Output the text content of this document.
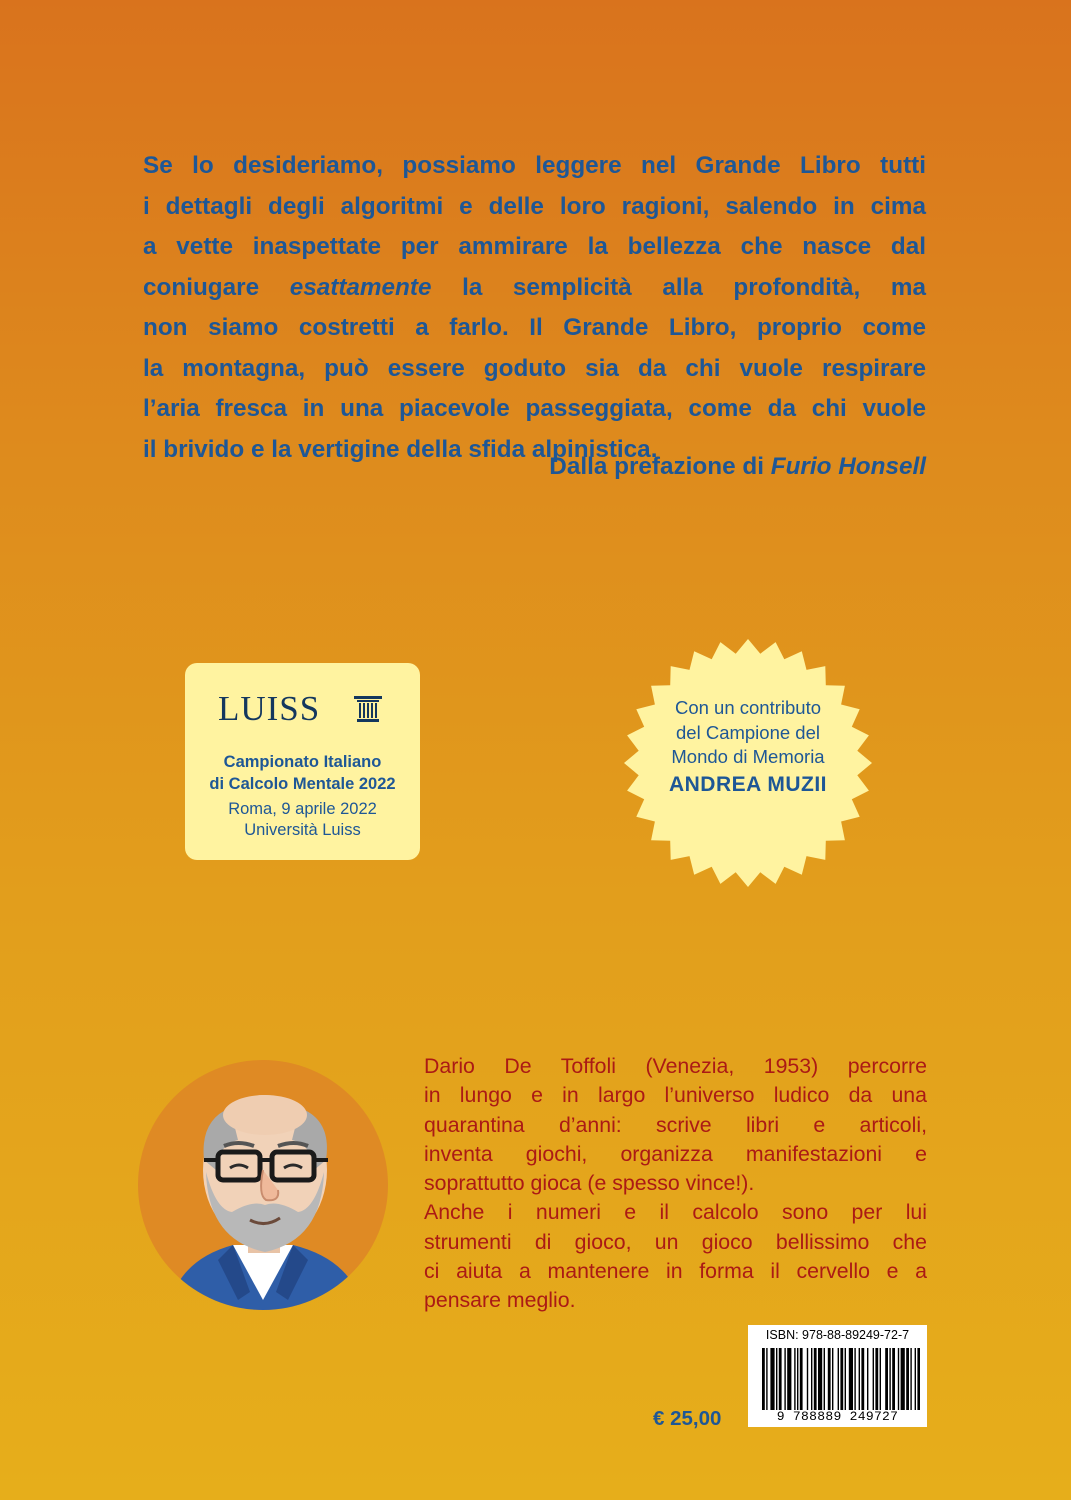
Se lo desideriamo, possiamo leggere nel Grande Libro tutti
i dettagli degli algoritmi e delle loro ragioni, salendo in cima
a vette inaspettate per ammirare la bellezza che nasce dal
coniugare esattamente la semplicità alla profondità, ma
non siamo costretti a farlo. Il Grande Libro, proprio come
la montagna, può essere goduto sia da chi vuole respirare
l’aria fresca in una piacevole passeggiata, come da chi vuole
il brivido e la vertigine della sfida alpinistica.
Dalla prefazione di Furio Honsell
LUISS
Campionato Italiano
di Calcolo Mentale 2022
Roma, 9 aprile 2022
Università Luiss
Con un contributo
del Campione del
Mondo di Memoria
ANDREA MUZII
Dario De Toffoli (Venezia, 1953) percorre
in lungo e in largo l’universo ludico da una
quarantina d’anni: scrive libri e articoli,
inventa giochi, organizza manifestazioni e
soprattutto gioca (e spesso vince!).
Anche i numeri e il calcolo sono per lui
strumenti di gioco, un gioco bellissimo che
ci aiuta a mantenere in forma il cervello e a
pensare meglio.
€ 25,00
ISBN: 978-88-89249-72-7
9 788889 249727
